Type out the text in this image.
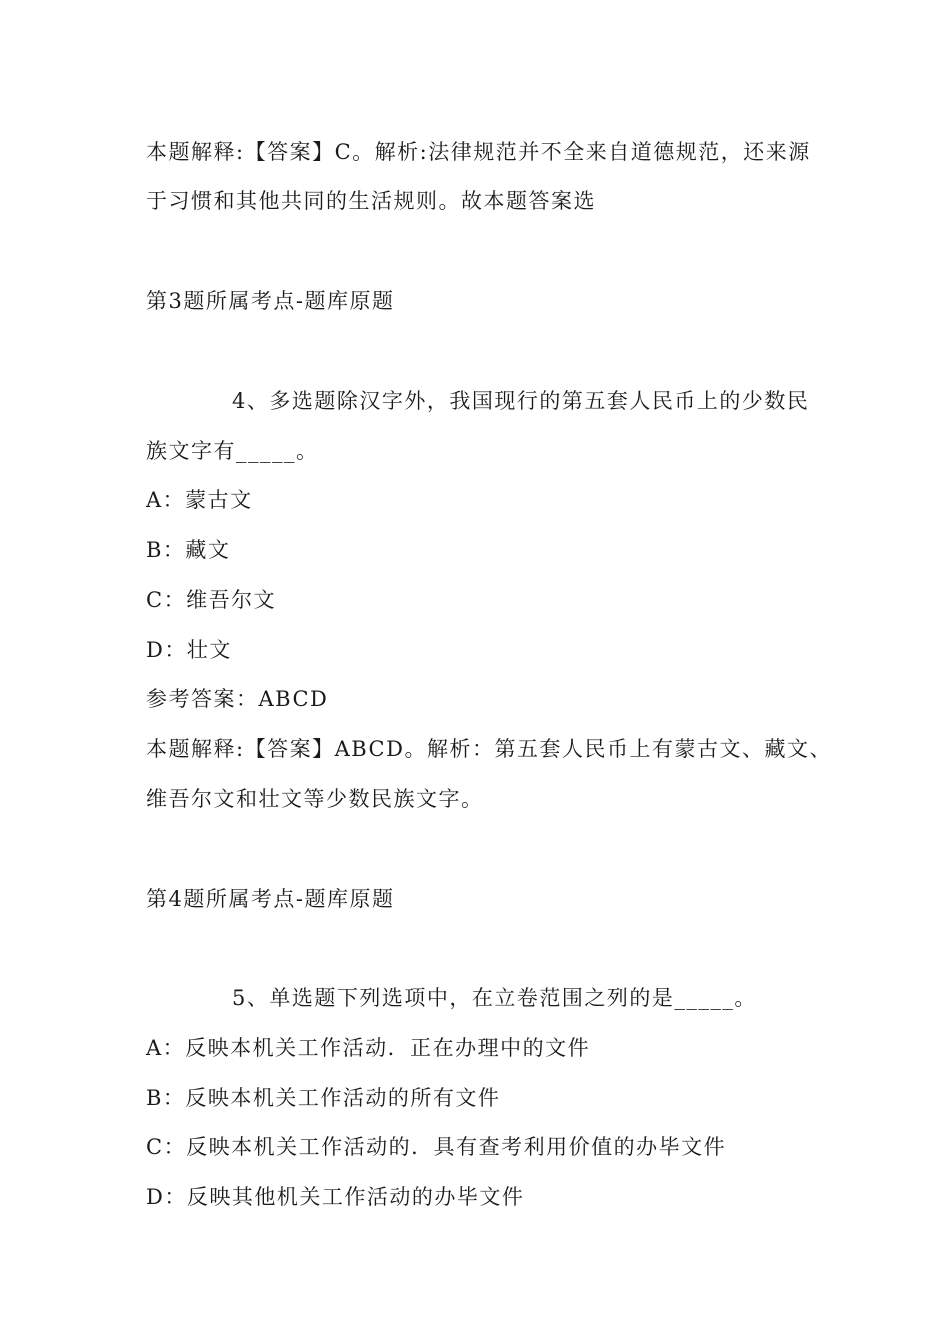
本题解释:【答案】C。解析:法律规范并不全来自道德规范，还来源
于习惯和其他共同的生活规则。故本题答案选
第3题所属考点-题库原题
4、多选题除汉字外，我国现行的第五套人民币上的少数民
族文字有_____。
A：蒙古文
B：藏文
C：维吾尔文
D：壮文
参考答案：ABCD
本题解释:【答案】ABCD。解析：第五套人民币上有蒙古文、藏文、
维吾尔文和壮文等少数民族文字。
第4题所属考点-题库原题
5、单选题下列选项中，在立卷范围之列的是_____。
A：反映本机关工作活动．正在办理中的文件
B：反映本机关工作活动的所有文件
C：反映本机关工作活动的．具有查考利用价值的办毕文件
D：反映其他机关工作活动的办毕文件
